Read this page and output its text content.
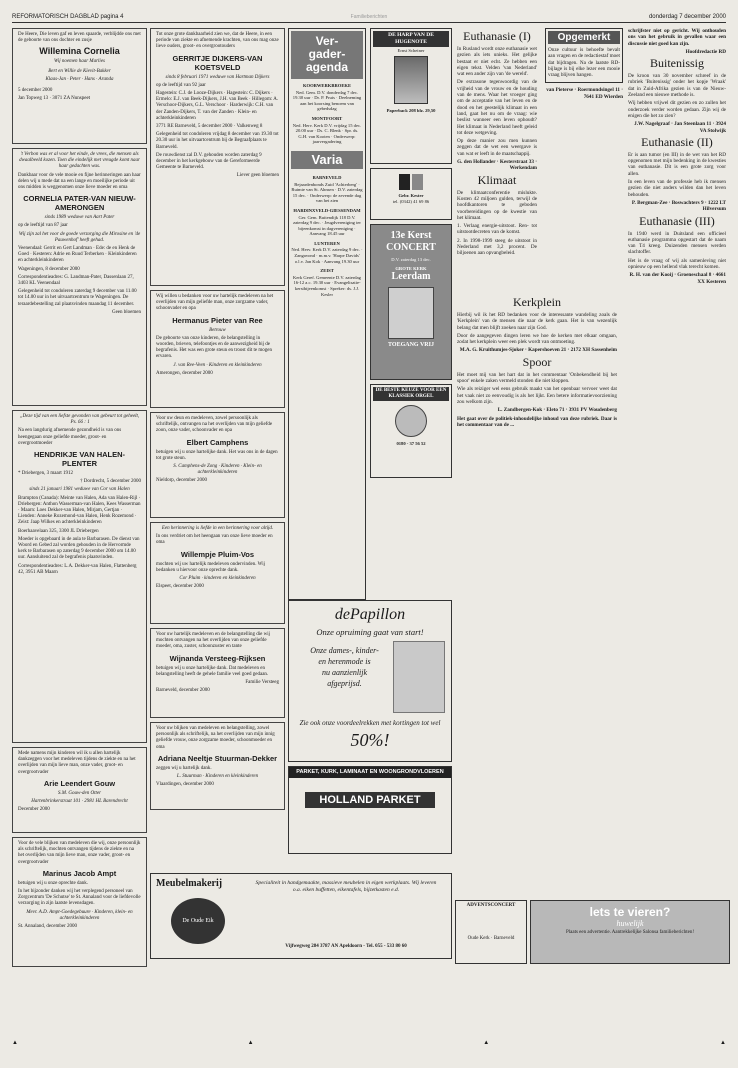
REFORMATORISCH DAGBLAD pagina 4	Familieberichten	donderdag 7 december 2000

De Heere, Die leven gaf en leven spaarde, verblijdde ons met de geboorte van ons dochter en zusje

Willemina Cornelia
Wij noemen haar Marlies

Bert en Willie de Kievit-Bakker

Klaas-Jan · Peter · Hans · Aranda

5 december 2000

Jan Topweg 13 · 3071 ZA Nunspeet

't Verbon was er al voor het einde, de vrees, die mensen als dwaalbeeld kozen. Toen die eindelijk met vreugde komt naar haar gedachten was.

Dankbaar voor de vele mooie en fijne herinneringen aan haar delen wij u mede dat na een lange en moeilijke periode uit ons midden is weggenomen onze lieve moeder en oma

CORNELIA PATER-VAN NIEUW-AMERONGEN

sinds 1989 weduwe van Aart Pater

op de leeftijd van 87 jaar

Wij zijn zal het voor de goede verzorging die Mirosine en 'de Pauwenhof' heeft gehad.

Veenendaal: Gerrit en Gert Landman · Ede: de en Henk de Goed · Kesteren: Adrie en Ruud Terberken · Kleinkinderen en achterkleinkinderen

Wageningen, 8 december 2000

Correspondentieadres: G. Landman-Pater, Dassenlaan 27, 3403 KL Veenendaal

Gelegenheid tot condoleren zaterdag 9 december van 11.00 tot 14.00 uur in het uitvaartcentrum te Wageningen. De teraardebestelling zal plaatsvinden maandag 11 december.

Geen bloemen

„Deze tijd van een liefste gevonden van gebeurt tot geheelt,  Ps. 66 : 1

Na een langdurig afnemende gezondheid is van ons heengegaan onze geliefde moeder, groot- en overgrootmoeder

HENDRIKJE VAN HALEN-PLENTER

* Driebergen, 3 maart 1912

† Dordrecht, 5 december 2000

sinds 21 januari 1981 weduwe van Cor van Halen

Brampton (Canada): Meinte van Halen, Ada van Halen-Rijl · Driebergen: Anthon Wasserman-van Halen, Kees Wasserman · Maarn: Loes Dekker-van Halen, Mirjam, Gertjan · Lienden: Anneke Rozemond-van Halen, Henk Rozemond · Zeist: Jaap Wilkes en achterkleinkinderen

Boerhaavelaan 325, 3300 JL Driebergen

Moeder is opgebaard in de aula te Barbarasen. De dienst van Woord en Gebed zal worden gehouden in de Hervormde kerk te Barbarasen op zaterdag 9 december 2000 om 14.00 uur. Aansluitend zal de begrafenis plaatsvinden.

Correspondentieadres: L.A. Dekker-van Halen, Flattenberg 42, 3951 AB Maarn

Mede namens mijn kinderen wil ik u allen hartelijk dankzeggen voor het medeleven tijdens de ziekte en na het overlijden van mijn lieve man, onze vader, groot- en overgrootvader

Arie Leendert Gouw

S.M. Gouw-den Otter

Hartenbrinkerstraat 101 · 2981 HL Barendrecht

December 2000

Voor de vele blijken van medeleven die wij, onze persoonlijk als schriftelijk, mochten ontvangen tijdens de ziekte en na het overlijden van mijn lieve man, onze vader, groot- en overgrootvader

Marinus Jacob Ampt

betuigen wij u onze oprechte dank.

In het bijzonder danken wij het verplegend personeel van Zorgcentrum 'De Schutse' te St. Annaland voor de liefdevolle verzorging in zijn laatste levensdagen.

Mevr. A.D. Ampt-Goedegebuure · Kinderen, klein- en achterkleinkinderen

St. Annaland, december 2000

Tot onze grote dankbaarheid zien we, dat de Heere, in een periode van ziekte en afnemende krachten, van ons mag onze lieve ouders, groot- en overgrootouders

GERRITJE DIJKERS-VAN KOETSVELD

sinds 8 februari 1971 weduwe van Hartman Dijkers

op de leeftijd van 92 jaar

Hagestein: C.J. de Looze-Dijkers · Hagestein: C. Dijkers · Ermelo: E.J. van Beek-Dijkers, J.H. van Beek · Hillegom: A. Verschoor-Dijkers, G.L. Verschoor · Harderwijk: C.H. van der Zanden-Dijkers, T. van der Zanden · Klein- en achterkleinkinderen

3771 RE Barneveld, 5 december 2000 · Valkenweg 8

Gelegenheid tot condoleren vrijdag 8 december van 19.30 tot 20.30 uur in het uitvaartcentrum bij de Begraafplaats te Barneveld.

De rouwdienst zal D.V. gehouden worden zaterdag 9 december in het kerkgebouw van de Gereformeerde Gemeente te Barneveld.

Liever geen bloemen

Wij willen u bedanken voor uw hartelijk medeleven na het overlijden van mijn geliefde man, onze zorgzame vader, schoonvader en opa

Hermanus Pieter van Ree

Betrouw

De geboorte van onze kinderen, de belangstelling in woorden, brieven, telefoontjes en de aanwezigheid bij de begrafenis. Het was een grote steun en troost dit te mogen ervaren.

J. van Ree-Veen · Kinderen en kleinkinderen

Amerongen, december 2000

Voor uw deun en medeleven, zowel persoonlijk als schriftelijk, ontvangen na het overlijden van mijn geliefde zoon, onze vader, schoonvader en opa

Elbert Camphens

betuigen wij u onze hartelijke dank. Het was ons in de dagen tot grote steun.

S. Camphens-de Zong · Kinderen · Klein- en achterkleinkinderen

Nieldorp, december 2000

Een herinnering is liefde in een herinnering voor altijd.

In ons verdriet om het heengaan van onze lieve moeder en oma

Willempje Pluim-Vos

mochten wij uw hartelijk medeleven ondervinden. Wij bedanken u hiervoor onze oprechte dank.

Cor Pluim · kinderen en kleinkinderen

Elspeet, december 2000

Voor uw hartelijk medeleven en de belangstelling die wij mochten ontvangen na het overlijden van onze geliefde moeder, oma, zuster, schoonzuster en tante

Wijnanda Versteeg-Rijksen

betuigen wij u onze hartelijke dank. Dat medeleven en belangstelling heeft de gehele familie veel goed gedaan.

Familie Versteeg

Barneveld, december 2000

Voor uw blijken van medeleven en belangstelling, zowel persoonlijk als schriftelijk, na het overlijden van mijn innig geliefde vrouw, onze zorgzame moeder, schoonmoeder en oma

Adriana Neeltje Stuurman-Dekker

zeggen wij u hartelijk dank.

L. Stuurman · Kinderen en kleinkinderen

Vlaardingen, december 2000

Ver-
gader-
agenda

KOORWERKBROEKE

Ned. Gem. D.V. donderdag 7 dec. 19.30 uur · Dr. P. Pruis · Deelneming aan het koorsing benoem van gebedsdag

MONTFOORT

Ned. Herv. Kerk D.V. vrijdag 15 dec. 20.00 uur · Ds. C. Blenk · Spr. ds. G.H. van Kooten · Onderwerp: jaarvergadering

Varia

BARNEVELD

Bejaardenbonds Zuid 'Achterberg' · Ruimte van St. Ahnsen · D.V. zaterdag 15 dec. · Onderwerp: de zevende dag van het zien

HARDINXVELD-GIESSENDAM

Ger. Gem. Buitendijk 118 D.V. zaterdag 9 dec. · Jeugdvereniging ter bijeenkomst in dagvereniging · Aanvang 18.45 uur

LUNTEREN

Ned. Herv. Kerk D.V. zaterdag 9 dec. · Zangavond · m.m.v. 'Harpe Davids' o.l.v. Jan Kok · Aanvang 19.30 uur

ZEIST

Kerk Geref. Gemeente D.V. zaterdag 16-12 a.c. 19.30 uur · Evangelisatie-kerstbijeenkomst · Spreker: ds. J.J. Kesler

DE HARP VAN DE HUGENOTE
Ernst Scheiner
Paperback 208 blz. 29,50
Gebr. Kester
tel. (0342) 41 69 86
13e Kerst CONCERT
D.V. zaterdag 13 dec.
GROTE KERK
Leerdam
TOEGANG VRIJ
DE BESTE KEUZE VOOR EEN KLASSIEK ORGEL
0180 - 37 56 52
dePapillon
Onze opruiming gaat van start!
Onze dames-, kinder-
en herenmode is
nu aanzienlijk
afgeprijsd.
Zie ook onze voordeelrekken met kortingen tot wel
50%!
PARKET, KURK, LAMINAAT EN WOONGRONDVLOEREN
HOLLAND PARKET
Meubelmakerij
De Oude Eik
Specialiteit in handgemaakte, massieve meubelen in eigen werkplaats. Wij leveren o.a. eiken buffetten, eikentafels, bijzetkasten e.d.
Vijfwegweg 284 3787 AN Apeldoorn - Tel. 055 - 533 80 60
ADVENTSCONCERT
Oude Kerk · Barneveld
lets te vieren?
huwelijk
Plaats een advertentie. Aantrekkelijke Salonsa familieberichten!
Euthanasie (I)

In Rusland wordt onze euthanasie wet gezien als iets unieks. Het gelijke bestaat er niet echt. Ze hebben een eigen tekst. Velden 'van Nederland' wat een ander zijn van 'de wereld'.

De extrasone tegenwoordig van de vrijheid van de vrouw en de houding van de mens. Waar het vroeger ging om de acceptatie van het leven en de dood en het geestelijk klimaat in een land, gaat het nu om de vraag: wie beslist wanneer een leven ophoudt? Het klimaat in Nederland heeft geleid tot deze wetgeving.

Op deze manier zou men kunnen zeggen dat de wet een weergave is van wat er leeft in de maatschappij.

G. den Hollander · Kesterstraat 33 · Werkendam

Klimaat

De klimaatconferentie mislukte. Kosten 42 miljoen gulden, terwijl de hoofdkantoren te geboden voorbereidingen op de kwestie van het klimaat.

1. Verlaag energie-uitstoot. Ren- tot uitstootdecreten van de komst.

2. In 1998-1999 steeg de uitstoot in Nederland met 3,2 procent. De biljoenen aan opvangbeleid.

Kerkplein

Hierbij wil ik het RD bedanken voor de interessante wandeling zoals de 'Kerkplein' van de mensen die naar de kerk gaan. Het is van wezenlijk belang dat men blijft zoeken naar zijn God.

Door de aangegeven dingen leren we hoe de kerken met elkaar omgaan, zodat het kerkplein weer een plek wordt van ontmoeting.

M.A. G. Kruithumjes-Sjoker · Kapershoeven 21 · 2172 XH Sassenheim

Spoor

Het moet mij van het hart dat in het commentaar 'Onbekendheid bij het spoor' enkele zaken vermeld stonden die niet kloppen.

Wie als reiziger wel eens gebruik maakt van het openbaar vervoer weet dat het vaak niet zo eenvoudig is als het lijkt. Een betere informatievoorziening zou welkom zijn.

L. Zandbergen-Kok · Eleto 71 · 3931 PV Woudenberg

Het gaat over de politiek-inhoudelijke inhoud van deze rubriek. Daar is het commentaar van de ...

Opgemerkt

Onze cultuur is behoefte bevalt aan vragen en de redactiestaf moet dat bijdragen. Na de laatste RD-bijlage is bij elke lezer een mooie vraag blijven hangen.

van Pieterse · Roermondsingel 11 · 7641 ED Wierden

schrijfster niet op gericht. Wij onthouden ons van het gebruik in gevallen waar een discussie niet goed kan zijn.

Hoofdredactie RD

Buitenissig

De kroon van 30 november schreef in de rubriek 'Buitenissig' onder het kopje 'Wraak' dat in Zuid-Afrika gezien is van de Nieuw-Zeeland een nieuwe methode is.

Wij hebben vrijwel dit gezien en zo zullen het onderzoek verder worden gedaan. Zijn wij de enigen die het zo zien?

J.W. Nagelgraaf · Jan Steenlaan 11 · 3924 VA Stolwijk

Euthanasie (II)

Er is aan tumor (en III) in de wet van het RD opgenomen met mijn bedenking in de kwesties van euthanasie. Dit is een grote zorg voor allen.

In een leven van de professie heb ik mensen gezien die niet anders wilden dan het leven behouden.

P. Bergman-Zee · Boswachters 9 · 1222 LT Hilversum

Euthanasie (III)

In 1940 werd in Duitsland een officieel euthanasie programma opgestart dat de naam van T4 kreeg. Duizenden mensen werden slachtoffer.

Het is de vraag of wij als samenleving niet opnieuw op een hellend vlak terecht komen.

R. H. van der Kooij · Groeneschaal 8 · 4661 XX Kesteren

▲	▲	▲	▲
